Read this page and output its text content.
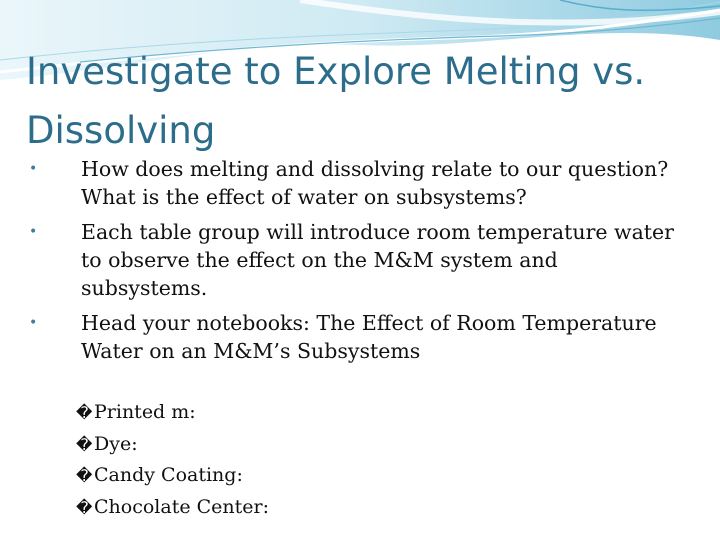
Investigate to Explore Melting vs. Dissolving
• How does melting and dissolving relate to our question? What is the effect of water on subsystems?
• Each table group will introduce room temperature water to observe the effect on the M&M system and subsystems.
• Head your notebooks: The Effect of Room Temperature Water on an M&M’s Subsystems
�Printed m:
�Dye:
�Candy Coating:
�Chocolate Center:
